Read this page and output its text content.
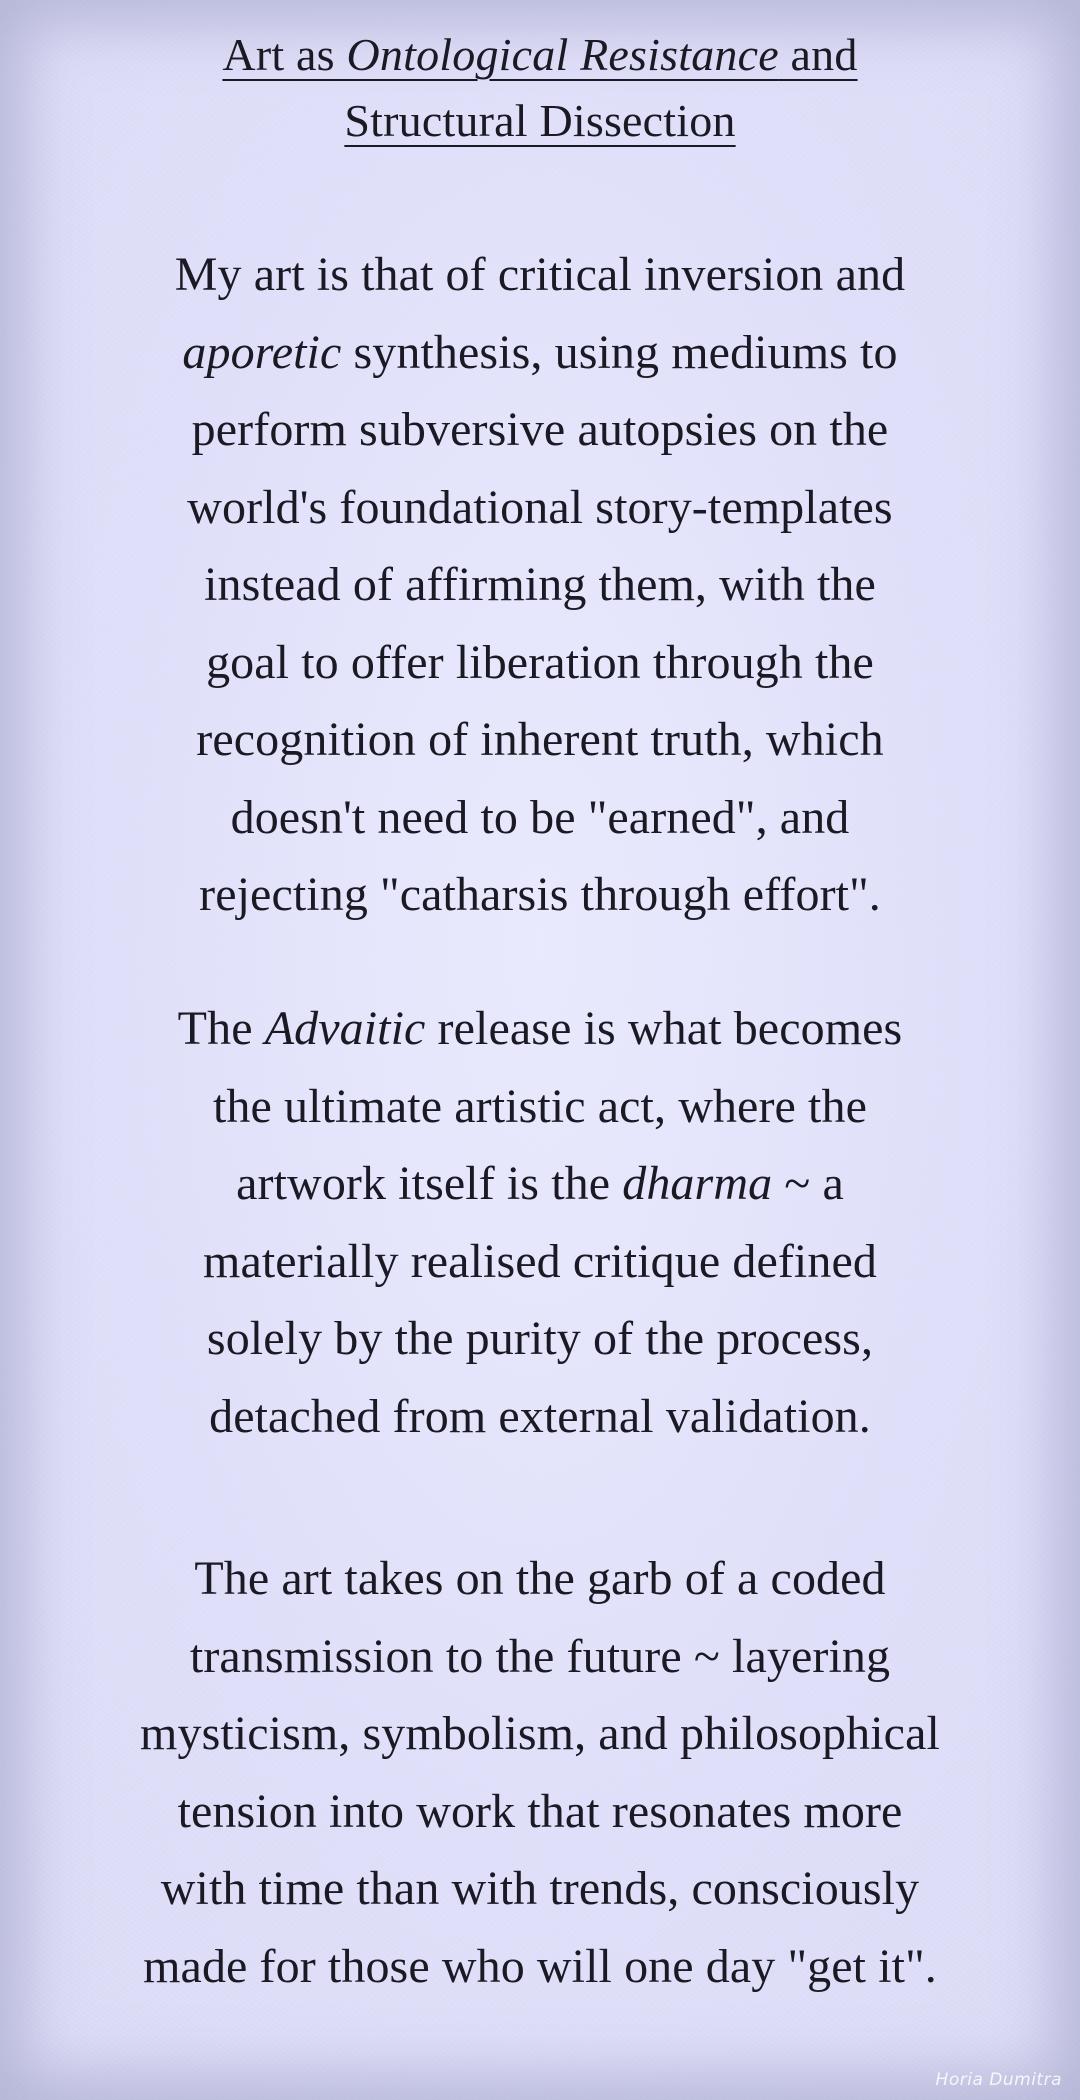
Art as Ontological Resistance and
Structural Dissection

My art is that of critical inversion and
aporetic synthesis, using mediums to
perform subversive autopsies on the
world's foundational story-templates
instead of affirming them, with the
goal to offer liberation through the
recognition of inherent truth, which
doesn't need to be "earned", and
rejecting "catharsis through effort".

The Advaitic release is what becomes
the ultimate artistic act, where the
artwork itself is the dharma ~ a
materially realised critique defined
solely by the purity of the process,
detached from external validation.

The art takes on the garb of a coded
transmission to the future ~ layering
mysticism, symbolism, and philosophical
tension into work that resonates more
with time than with trends, consciously
made for those who will one day "get it".

Horia Dumitra
